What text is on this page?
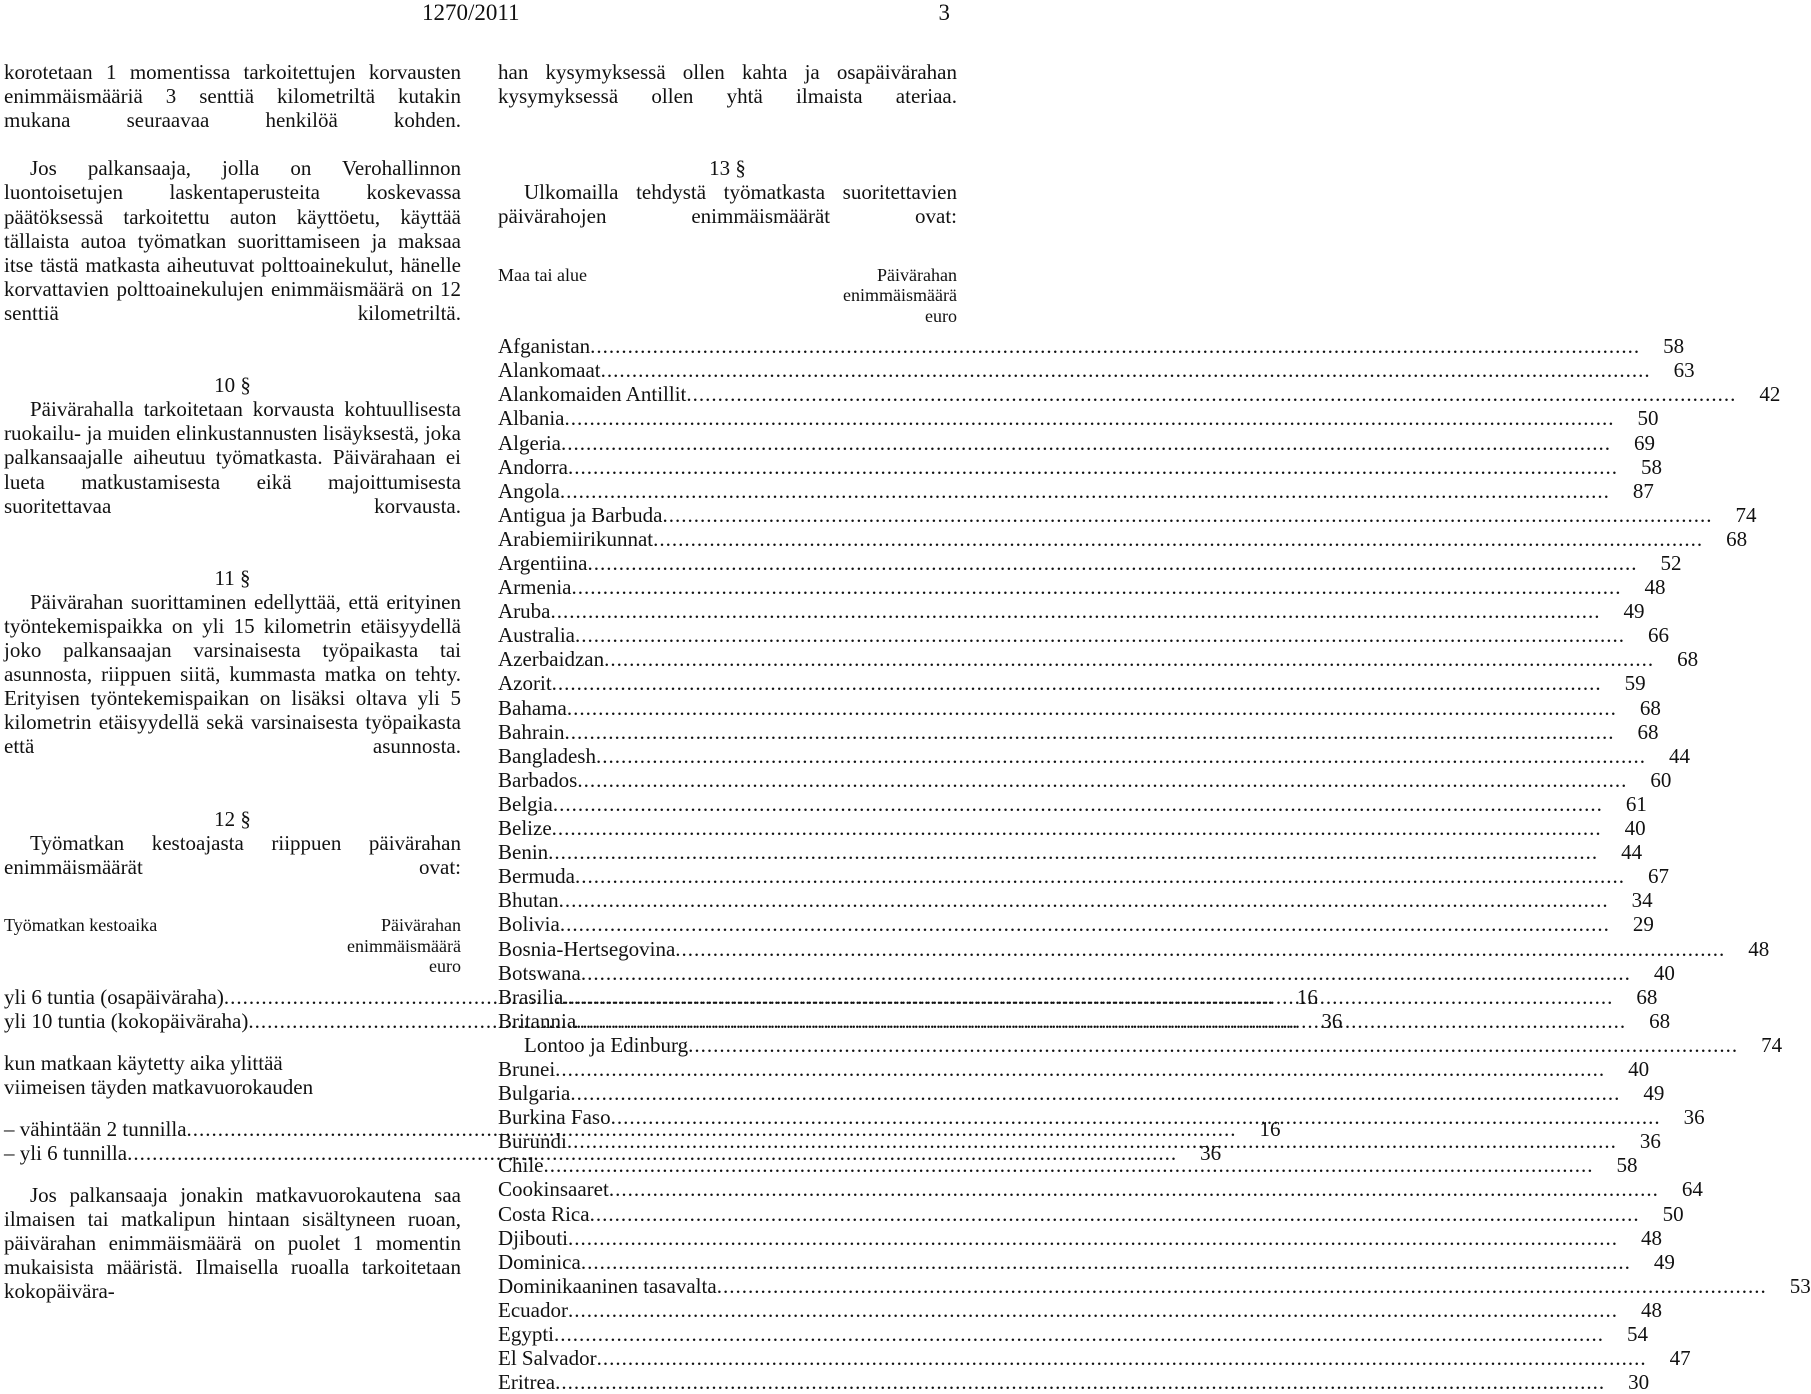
1270/2011	3

korotetaan 1 momentissa tarkoitettujen korvausten enimmäismääriä 3 senttiä kilometriltä kutakin mukana seuraavaa henkilöä kohden.

Jos palkansaaja, jolla on Verohallinnon luontoisetujen laskentaperusteita koskevassa päätöksessä tarkoitettu auton käyttöetu, käyttää tällaista autoa työmatkan suorittamiseen ja maksaa itse tästä matkasta aiheutuvat polttoainekulut, hänelle korvattavien polttoainekulujen enimmäismäärä on 12 senttiä kilometriltä.

10 §

Päivärahalla tarkoitetaan korvausta kohtuullisesta ruokailu- ja muiden elinkustannusten lisäyksestä, joka palkansaajalle aiheutuu työmatkasta. Päivärahaan ei lueta matkustamisesta eikä majoittumisesta suoritettavaa korvausta.

11 §

Päivärahan suorittaminen edellyttää, että erityinen työntekemispaikka on yli 15 kilometrin etäisyydellä joko palkansaajan varsinaisesta työpaikasta tai asunnosta, riippuen siitä, kummasta matka on tehty. Erityisen työntekemispaikan on lisäksi oltava yli 5 kilometrin etäisyydellä sekä varsinaisesta työpaikasta että asunnosta.

12 §

Työmatkan kestoajasta riippuen päivärahan enimmäismäärät ovat:

Työmatkan kestoaika	Päivärahan
enimmäismäärä
euro
yli 6 tuntia (osapäiväraha) .....	16
yli 10 tuntia (kokopäiväraha) .....	36
kun matkaan käytetty aika ylittää
viimeisen täyden matkavuorokauden
– vähintään 2 tunnilla .....	16
– yli 6 tunnilla .....	36

Jos palkansaaja jonakin matkavuorokautena saa ilmaisen tai matkalipun hintaan sisältyneen ruoan, päivärahan enimmäismäärä on puolet 1 momentin mukaisista määristä. Ilmaisella ruoalla tarkoitetaan kokopäivära-

han kysymyksessä ollen kahta ja osapäivärahan kysymyksessä ollen yhtä ilmaista ateriaa.

13 §

Ulkomailla tehdystä työmatkasta suoritettavien päivärahojen enimmäismäärät ovat:

Maa tai alue	Päivärahan
enimmäismäärä
euro
Afganistan .....	58
Alankomaat .....	63
Alankomaiden Antillit .....	42
Albania .....	50
Algeria .....	69
Andorra .....	58
Angola .....	87
Antigua ja Barbuda .....	74
Arabiemiirikunnat .....	68
Argentiina .....	52
Armenia .....	48
Aruba .....	49
Australia .....	66
Azerbaidzan .....	68
Azorit .....	59
Bahama .....	68
Bahrain .....	68
Bangladesh .....	44
Barbados .....	60
Belgia .....	61
Belize .....	40
Benin .....	44
Bermuda .....	67
Bhutan .....	34
Bolivia .....	29
Bosnia-Hertsegovina .....	48
Botswana .....	40
Brasilia .....	68
Britannia .....	68
Lontoo ja Edinburg .....	74
Brunei .....	40
Bulgaria .....	49
Burkina Faso .....	36
Burundi .....	36
Chile .....	58
Cookinsaaret .....	64
Costa Rica .....	50
Djibouti .....	48
Dominica .....	49
Dominikaaninen tasavalta .....	53
Ecuador .....	48
Egypti .....	54
El Salvador .....	47
Eritrea .....	30
